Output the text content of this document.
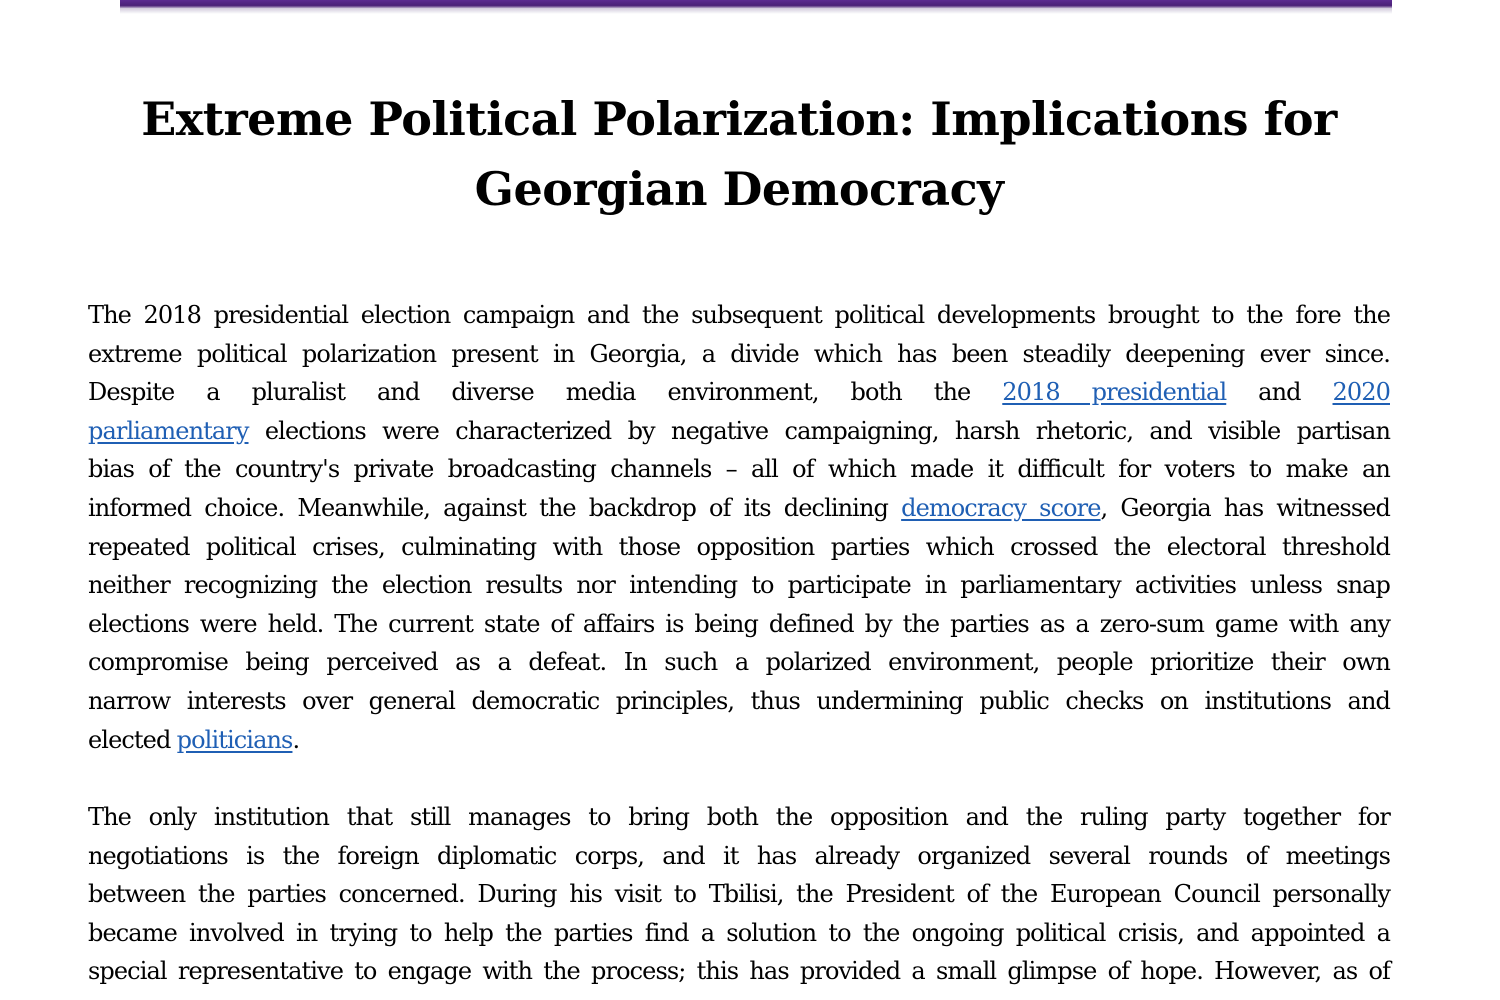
Extreme Political Polarization: Implications for Georgian Democracy
The 2018 presidential election campaign and the subsequent political developments brought to the fore the
extreme political polarization present in Georgia, a divide which has been steadily deepening ever since.
Despite a pluralist and diverse media environment, both the 2018 presidential and 2020
parliamentary elections were characterized by negative campaigning, harsh rhetoric, and visible partisan
bias of the country's private broadcasting channels – all of which made it difficult for voters to make an
informed choice. Meanwhile, against the backdrop of its declining democracy score, Georgia has witnessed
repeated political crises, culminating with those opposition parties which crossed the electoral threshold
neither recognizing the election results nor intending to participate in parliamentary activities unless snap
elections were held. The current state of affairs is being defined by the parties as a zero-sum game with any
compromise being perceived as a defeat. In such a polarized environment, people prioritize their own
narrow interests over general democratic principles, thus undermining public checks on institutions and
elected politicians.
The only institution that still manages to bring both the opposition and the ruling party together for
negotiations is the foreign diplomatic corps, and it has already organized several rounds of meetings
between the parties concerned. During his visit to Tbilisi, the President of the European Council personally
became involved in trying to help the parties find a solution to the ongoing political crisis, and appointed a
special representative to engage with the process; this has provided a small glimpse of hope. However, as of
